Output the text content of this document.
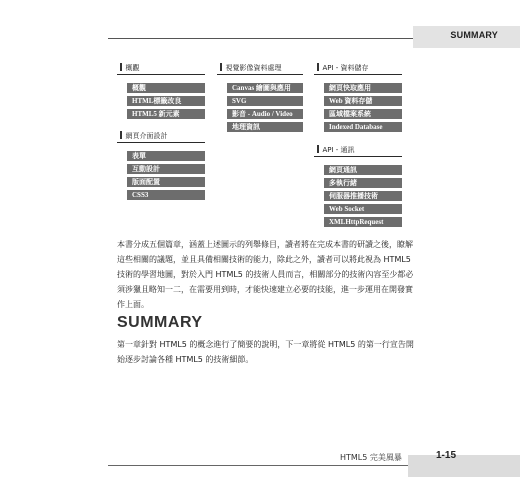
SUMMARY
概觀
概觀
HTML標籤改良
HTML5 新元素
視覺影像資料處理
Canvas 繪圖與應用
SVG
影音 - Audio / Video
地理資訊
API - 資料儲存
網頁快取應用
Web 資料存儲
區域檔案系統
Indexed Database
網頁介面設計
表單
互動設計
版面配置
CSS3
API - 通訊
網頁通訊
多執行緒
伺服器推播技術
Web Socket
XMLHttpRequest

本書分成五個篇章，涵蓋上述圖示的列舉條目，讀者將在完成本書的研讀之後，瞭解這些相關的議題，並且具備相關技術的能力，除此之外，讀者可以將此視為 HTML5 技術的學習地圖，對於入門 HTML5 的技術人員而言，相關部分的技術內容至少都必須涉獵且略知一二，在需要用到時，才能快速建立必要的技能，進一步運用在開發實作上面。

SUMMARY

第一章針對 HTML5 的概念進行了簡要的說明，下一章將從 HTML5 的第一行宣告開始逐步討論各種 HTML5 的技術細節。

HTML5 完美風暴	1-15
